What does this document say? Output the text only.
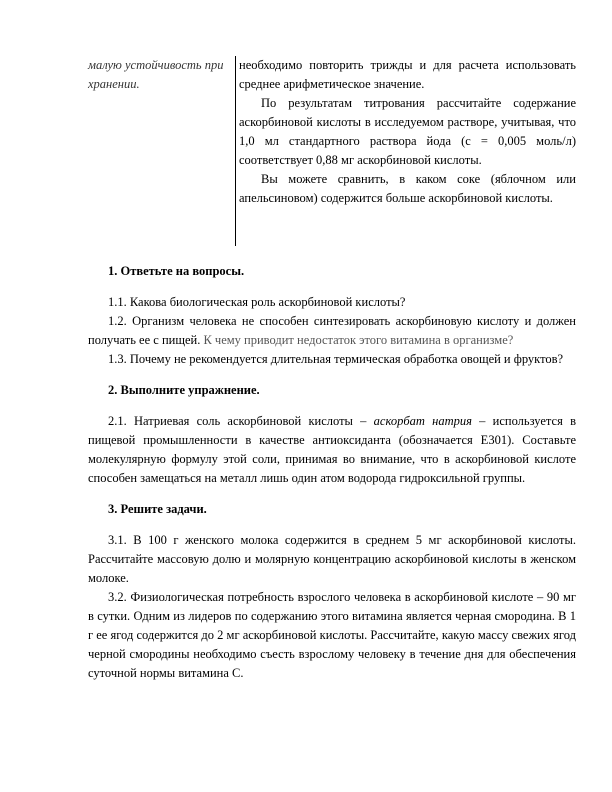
малую устойчивость при хранении.

необходимо повторить трижды и для расчета использовать среднее арифметическое значение.

По результатам титрования рассчитайте содержание аскорбиновой кислоты в исследуемом растворе, учитывая, что 1,0 мл стандартного раствора йода (с = 0,005 моль/л) соответствует 0,88 мг аскорбиновой кислоты.

Вы можете сравнить, в каком соке (яблочном или апельсиновом) содержится больше аскорбиновой кислоты.

1. Ответьте на вопросы.

1.1. Какова биологическая роль аскорбиновой кислоты?

1.2. Организм человека не способен синтезировать аскорбиновую кислоту и должен получать ее с пищей. К чему приводит недостаток этого витамина в организме?

1.3. Почему не рекомендуется длительная термическая обработка овощей и фруктов?

2. Выполните упражнение.

2.1. Натриевая соль аскорбиновой кислоты – аскорбат натрия – используется в пищевой промышленности в качестве антиоксиданта (обозначается Е301). Составьте молекулярную формулу этой соли, принимая во внимание, что в аскорбиновой кислоте способен замещаться на металл лишь один атом водорода гидроксильной группы.

3. Решите задачи.

3.1. В 100 г женского молока содержится в среднем 5 мг аскорбиновой кислоты. Рассчитайте массовую долю и молярную концентрацию аскорбиновой кислоты в женском молоке.

3.2. Физиологическая потребность взрослого человека в аскорбиновой кислоте – 90 мг в сутки. Одним из лидеров по содержанию этого витамина является черная смородина. В 1 г ее ягод содержится до 2 мг аскорбиновой кислоты. Рассчитайте, какую массу свежих ягод черной смородины необходимо съесть взрослому человеку в течение дня для обеспечения суточной нормы витамина С.
